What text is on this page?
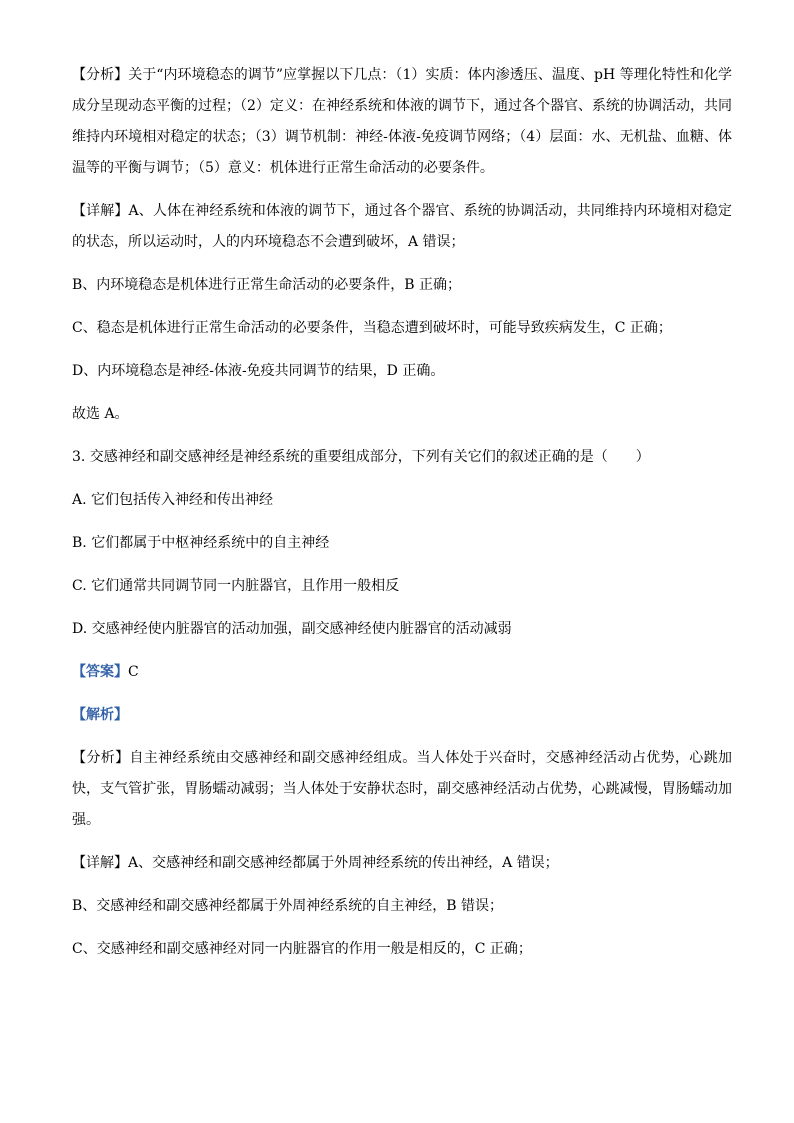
【分析】关于“内环境稳态的调节”应掌握以下几点：（1）实质：体内渗透压、温度、pH 等理化特性和化学成分呈现动态平衡的过程；（2）定义：在神经系统和体液的调节下，通过各个器官、系统的协调活动，共同维持内环境相对稳定的状态；（3）调节机制：神经-体液-免疫调节网络；（4）层面：水、无机盐、血糖、体温等的平衡与调节；（5）意义：机体进行正常生命活动的必要条件。

【详解】A、人体在神经系统和体液的调节下，通过各个器官、系统的协调活动，共同维持内环境相对稳定的状态，所以运动时，人的内环境稳态不会遭到破坏，A 错误；

B、内环境稳态是机体进行正常生命活动的必要条件，B 正确；

C、稳态是机体进行正常生命活动的必要条件，当稳态遭到破坏时，可能导致疾病发生，C 正确；

D、内环境稳态是神经-体液-免疫共同调节的结果，D 正确。

故选 A。

3. 交感神经和副交感神经是神经系统的重要组成部分，下列有关它们的叙述正确的是（　　）

A. 它们包括传入神经和传出神经

B. 它们都属于中枢神经系统中的自主神经

C. 它们通常共同调节同一内脏器官，且作用一般相反

D. 交感神经使内脏器官的活动加强，副交感神经使内脏器官的活动减弱

【答案】C

【解析】

【分析】自主神经系统由交感神经和副交感神经组成。当人体处于兴奋时，交感神经活动占优势，心跳加快，支气管扩张，胃肠蠕动减弱；当人体处于安静状态时，副交感神经活动占优势，心跳减慢，胃肠蠕动加强。

【详解】A、交感神经和副交感神经都属于外周神经系统的传出神经，A 错误；

B、交感神经和副交感神经都属于外周神经系统的自主神经，B 错误；

C、交感神经和副交感神经对同一内脏器官的作用一般是相反的，C 正确；
